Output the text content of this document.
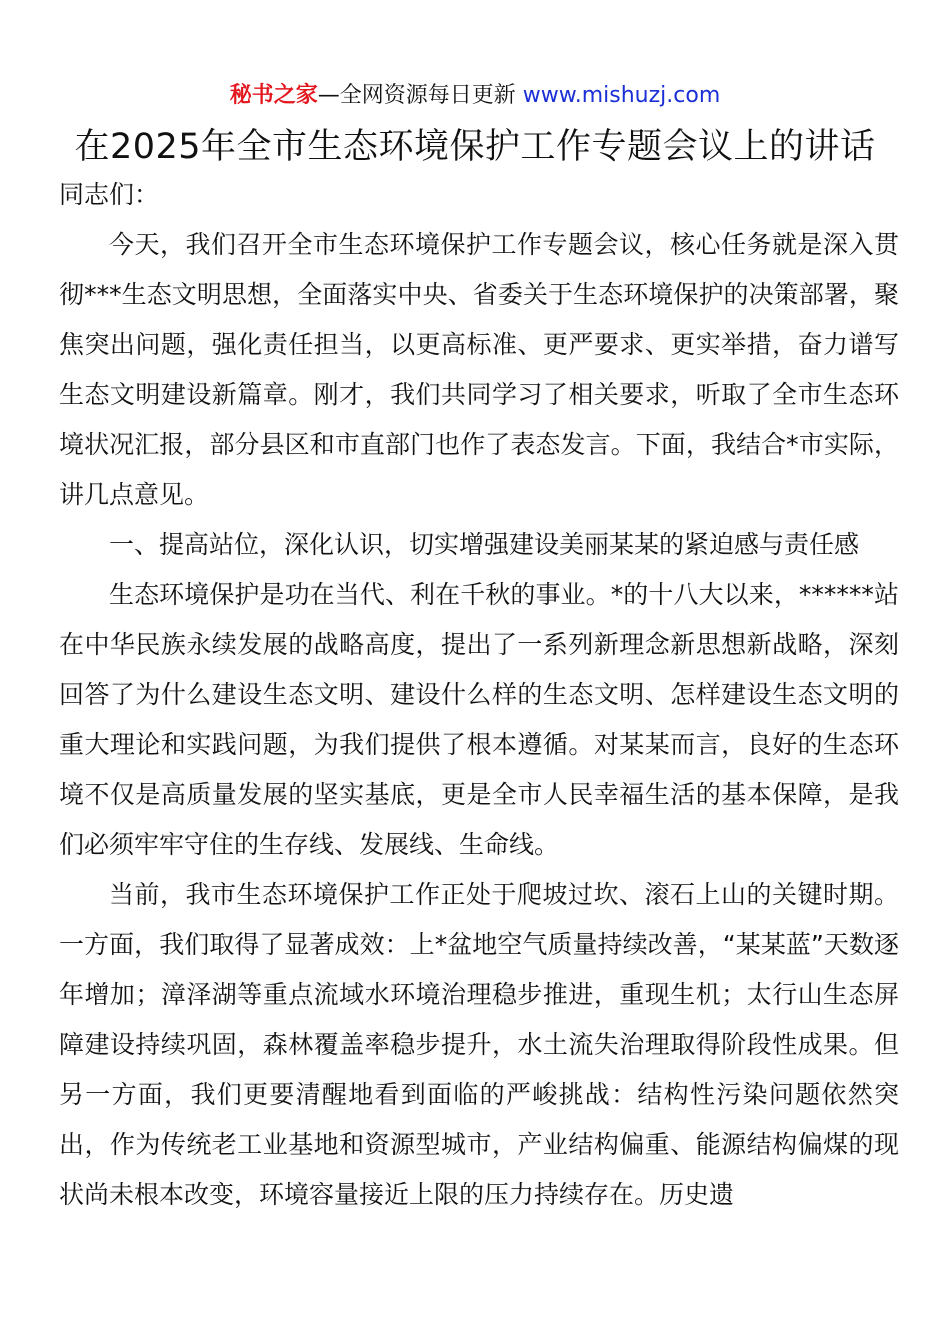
秘书之家—全网资源每日更新 www.mishuzj.com
在2025年全市生态环境保护工作专题会议上的讲话

同志们：

今天，我们召开全市生态环境保护工作专题会议，核心任务就是深入贯彻***生态文明思想，全面落实中央、省委关于生态环境保护的决策部署，聚焦突出问题，强化责任担当，以更高标准、更严要求、更实举措，奋力谱写生态文明建设新篇章。刚才，我们共同学习了相关要求，听取了全市生态环境状况汇报，部分县区和市直部门也作了表态发言。下面，我结合*市实际，讲几点意见。

一、提高站位，深化认识，切实增强建设美丽某某的紧迫感与责任感

生态环境保护是功在当代、利在千秋的事业。*的十八大以来，******站在中华民族永续发展的战略高度，提出了一系列新理念新思想新战略，深刻回答了为什么建设生态文明、建设什么样的生态文明、怎样建设生态文明的重大理论和实践问题，为我们提供了根本遵循。对某某而言，良好的生态环境不仅是高质量发展的坚实基底，更是全市人民幸福生活的基本保障，是我们必须牢牢守住的生存线、发展线、生命线。

当前，我市生态环境保护工作正处于爬坡过坎、滚石上山的关键时期。一方面，我们取得了显著成效：上*盆地空气质量持续改善，“某某蓝”天数逐年增加；漳泽湖等重点流域水环境治理稳步推进，重现生机；太行山生态屏障建设持续巩固，森林覆盖率稳步提升，水土流失治理取得阶段性成果。但另一方面，我们更要清醒地看到面临的严峻挑战：结构性污染问题依然突出，作为传统老工业基地和资源型城市，产业结构偏重、能源结构偏煤的现状尚未根本改变，环境容量接近上限的压力持续存在。历史遗
